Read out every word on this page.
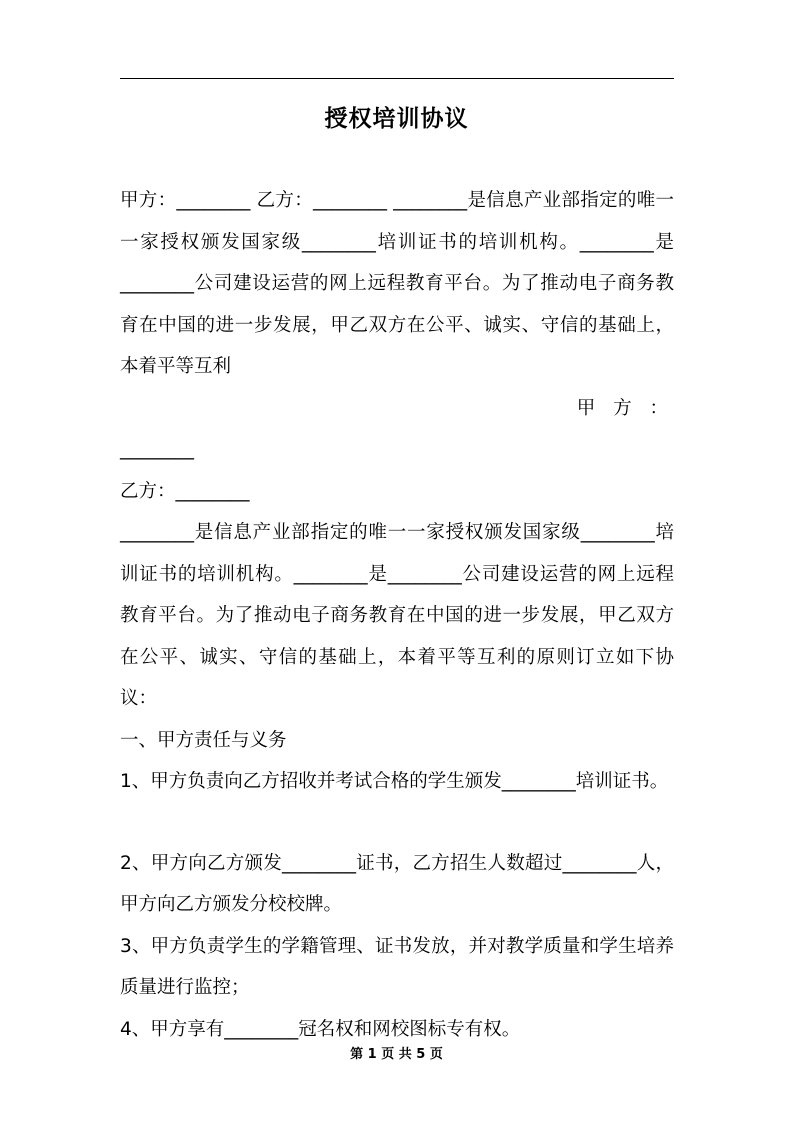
授权培训协议

甲方：________ 乙方：________ ________是信息产业部指定的唯一一家授权颁发国家级________培训证书的培训机构。________是________公司建设运营的网上远程教育平台。为了推动电子商务教育在中国的进一步发展，甲乙双方在公平、诚实、守信的基础上，本着平等互利

甲 方 ：

________

乙方：________

________是信息产业部指定的唯一一家授权颁发国家级________培训证书的培训机构。________是________公司建设运营的网上远程教育平台。为了推动电子商务教育在中国的进一步发展，甲乙双方在公平、诚实、守信的基础上，本着平等互利的原则订立如下协议：

一、甲方责任与义务

1、甲方负责向乙方招收并考试合格的学生颁发________培训证书。

2、甲方向乙方颁发________证书，乙方招生人数超过________人，甲方向乙方颁发分校校牌。

3、甲方负责学生的学籍管理、证书发放，并对教学质量和学生培养质量进行监控；

4、甲方享有________冠名权和网校图标专有权。

第 1 页 共 5 页
